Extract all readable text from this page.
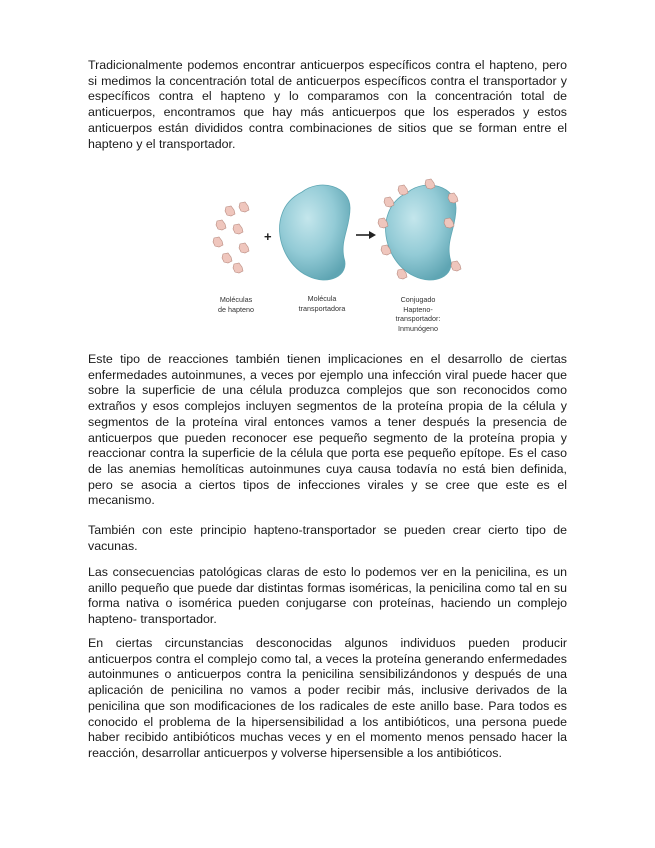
Tradicionalmente podemos encontrar anticuerpos específicos contra el hapteno, pero si medimos la concentración total de anticuerpos específicos contra el transportador y específicos contra el hapteno y lo comparamos con la concentración total de anticuerpos, encontramos que hay más anticuerpos que los esperados y estos anticuerpos están divididos contra combinaciones de sitios que se forman entre el hapteno y el transportador.

+
Moléculas
de hapteno
Molécula
transportadora
Conjugado
Hapteno-
transportador:
Inmunógeno

Este tipo de reacciones también tienen implicaciones en el desarrollo de ciertas enfermedades autoinmunes, a veces por ejemplo una infección viral puede hacer que sobre la superficie de una célula produzca complejos que son reconocidos como extraños y esos complejos incluyen segmentos de la proteína propia de la célula y segmentos de la proteína viral entonces vamos a tener después la presencia de anticuerpos que pueden reconocer ese pequeño segmento de la proteína propia y reaccionar contra la superficie de la célula que porta ese pequeño epítope. Es el caso de las anemias hemolíticas autoinmunes cuya causa todavía no está bien definida, pero se asocia a ciertos tipos de infecciones virales y se cree que este es el mecanismo.

También con este principio hapteno-transportador se pueden crear cierto tipo de vacunas.

Las consecuencias patológicas claras de esto lo podemos ver en la penicilina, es un anillo pequeño que puede dar distintas formas isoméricas, la penicilina como tal en su forma nativa o isomérica pueden conjugarse con proteínas, haciendo un complejo hapteno- transportador.

En ciertas circunstancias desconocidas algunos individuos pueden producir anticuerpos contra el complejo como tal, a veces la proteína generando enfermedades autoinmunes o anticuerpos contra la penicilina sensibilizándonos y después de una aplicación de penicilina no vamos a poder recibir más, inclusive derivados de la penicilina que son modificaciones de los radicales de este anillo base. Para todos es conocido el problema de la hipersensibilidad a los antibióticos, una persona puede haber recibido antibióticos muchas veces y en el momento menos pensado hacer la reacción, desarrollar anticuerpos y volverse hipersensible a los antibióticos.
